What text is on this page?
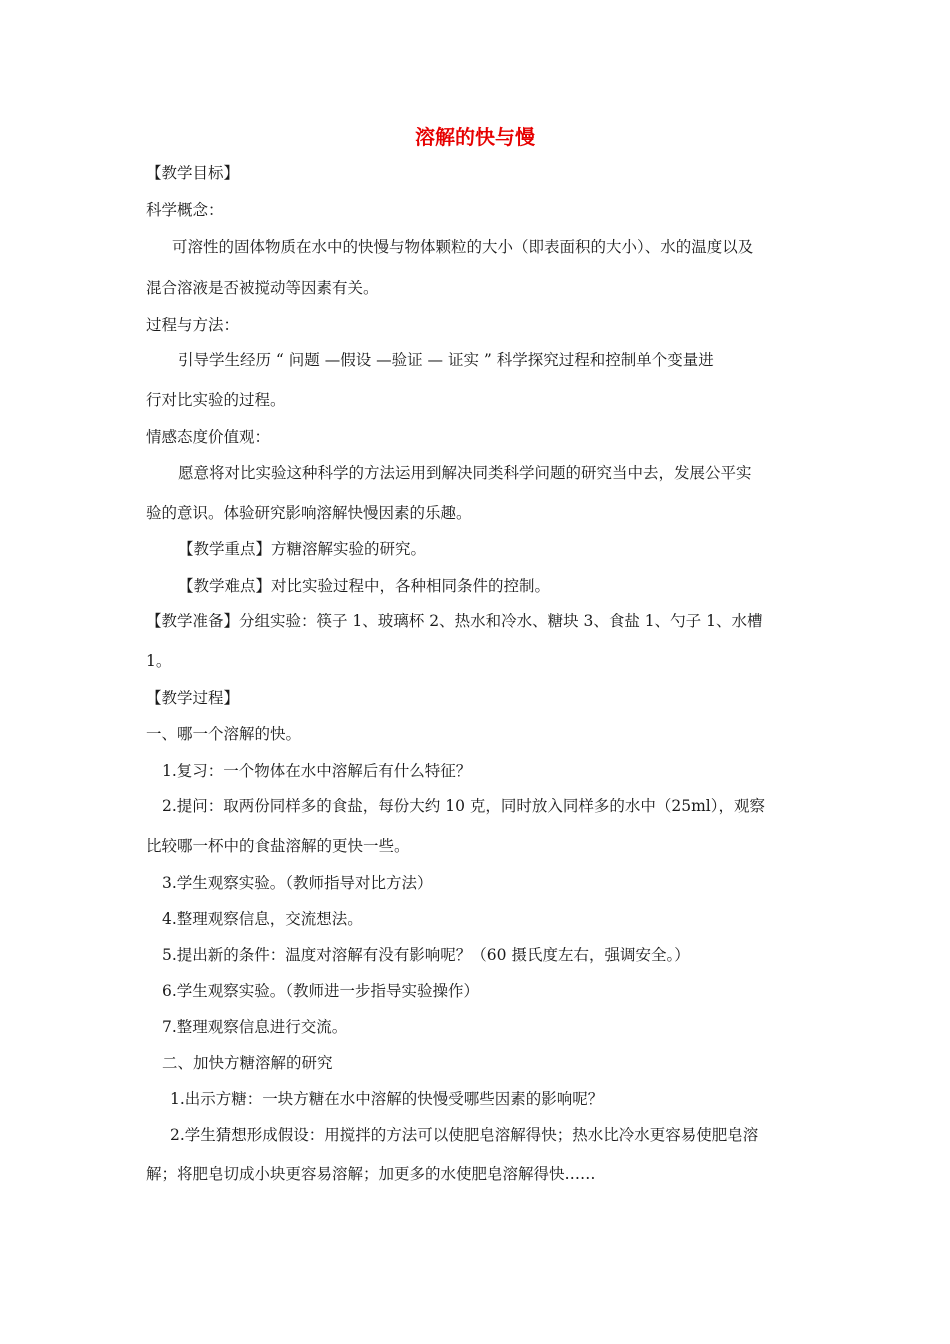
溶解的快与慢
【教学目标】
科学概念：
可溶性的固体物质在水中的快慢与物体颗粒的大小（即表面积的大小）、水的温度以及
混合溶液是否被搅动等因素有关。
过程与方法：
引导学生经历 “ 问题 —假设 —验证 — 证实 ” 科学探究过程和控制单个变量进
行对比实验的过程。
情感态度价值观：
愿意将对比实验这种科学的方法运用到解决同类科学问题的研究当中去，发展公平实
验的意识。体验研究影响溶解快慢因素的乐趣。
【教学重点】方糖溶解实验的研究。
【教学难点】对比实验过程中，各种相同条件的控制。
【教学准备】分组实验：筷子 1、玻璃杯 2、热水和冷水、糖块 3、食盐 1、勺子 1、水槽
1。
【教学过程】
一、哪一个溶解的快。
1.复习：一个物体在水中溶解后有什么特征？
2.提问：取两份同样多的食盐，每份大约 10 克，同时放入同样多的水中（25ml），观察
比较哪一杯中的食盐溶解的更快一些。
3.学生观察实验。（教师指导对比方法）
4.整理观察信息，交流想法。
5.提出新的条件：温度对溶解有没有影响呢？（60 摄氏度左右，强调安全。）
6.学生观察实验。（教师进一步指导实验操作）
7.整理观察信息进行交流。
二、加快方糖溶解的研究
1.出示方糖：一块方糖在水中溶解的快慢受哪些因素的影响呢？
2.学生猜想形成假设：用搅拌的方法可以使肥皂溶解得快；热水比冷水更容易使肥皂溶
解；将肥皂切成小块更容易溶解；加更多的水使肥皂溶解得快……
